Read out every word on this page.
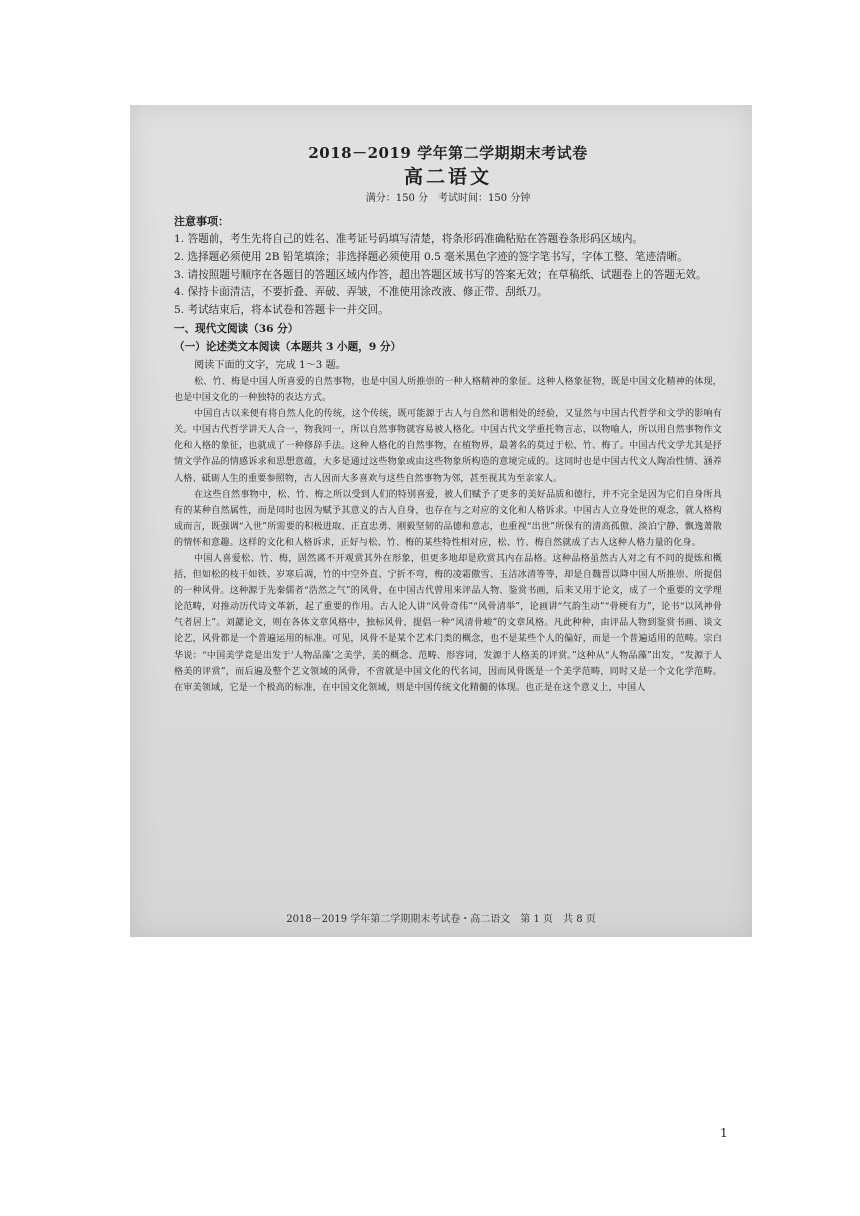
2018－2019 学年第二学期期末考试卷
高二语文
满分：150 分　考试时间：150 分钟
注意事项：

1. 答题前，考生先将自己的姓名、准考证号码填写清楚，将条形码准确粘贴在答题卷条形码区域内。

2. 选择题必须使用 2B 铅笔填涂；非选择题必须使用 0.5 毫米黑色字迹的签字笔书写，字体工整、笔迹清晰。

3. 请按照题号顺序在各题目的答题区域内作答，超出答题区域书写的答案无效；在草稿纸、试题卷上的答题无效。

4. 保持卡面清洁，不要折叠、弄破、弄皱，不准使用涂改液、修正带、刮纸刀。

5. 考试结束后，将本试卷和答题卡一并交回。

一、现代文阅读（36 分）
（一）论述类文本阅读（本题共 3 小题，9 分）

阅读下面的文字，完成 1～3 题。

松、竹、梅是中国人所喜爱的自然事物，也是中国人所推崇的一种人格精神的象征。这种人格象征物，既是中国文化精神的体现，也是中国文化的一种独特的表达方式。

中国自古以来便有将自然人化的传统，这个传统，既可能源于古人与自然和谐相处的经验，又显然与中国古代哲学和文学的影响有关。中国古代哲学讲天人合一，物我同一，所以自然事物就容易被人格化。中国古代文学重托物言志，以物喻人，所以用自然事物作文化和人格的象征，也就成了一种修辞手法。这种人格化的自然事物，在植物界，最著名的莫过于松、竹、梅了。中国古代文学尤其是抒情文学作品的情感诉求和思想意蕴，大多是通过这些物象或由这些物象所构造的意境完成的。这同时也是中国古代文人陶冶性情、涵养人格、砥砺人生的重要参照物，古人因而大多喜欢与这些自然事物为邻，甚至视其为至亲家人。

在这些自然事物中，松、竹、梅之所以受到人们的特别喜爱，被人们赋予了更多的美好品质和德行，并不完全是因为它们自身所具有的某种自然属性，而是同时也因为赋予其意义的古人自身，也存在与之对应的文化和人格诉求。中国古人立身处世的观念，就人格构成而言，既强调“入世”所需要的积极进取、正直忠勇、刚毅坚韧的品德和意志，也重视“出世”所保有的清高孤傲、淡泊宁静、飘逸萧散的情怀和意趣。这样的文化和人格诉求，正好与松、竹、梅的某些特性相对应，松、竹、梅自然就成了古人这种人格力量的化身。

中国人喜爱松、竹、梅，固然离不开观赏其外在形象，但更多地却是欣赏其内在品格。这种品格虽然古人对之有不同的提炼和概括，但如松的枝干如铁、岁寒后凋，竹的中空外直、宁折不弯，梅的凌霜傲雪、玉洁冰清等等，却是自魏晋以降中国人所推崇、所提倡的一种风骨。这种源于先秦儒者“浩然之气”的风骨，在中国古代曾用来评品人物、鉴赏书画，后来又用于论文，成了一个重要的文学理论范畴，对推动历代诗文革新，起了重要的作用。古人论人讲“风骨奇伟”“风骨清举”，论画讲“气韵生动”“骨梗有力”，论书“以风神骨气者居上”。刘勰论文，则在各体文章风格中，独标风骨，提倡一种“风清骨峻”的文章风格。凡此种种，由评品人物到鉴赏书画、谈文论艺，风骨都是一个普遍运用的标准。可见，风骨不是某个艺术门类的概念，也不是某些个人的偏好，而是一个普遍适用的范畴。宗白华说：“中国美学竟是出发于‘人物品藻’之美学，美的概念、范畴、形容词，发源于人格美的评赏。”这种从“人物品藻”出发，“发源于人格美的评赏”，而后遍及整个艺文领域的风骨，不啻就是中国文化的代名词，因而风骨既是一个美学范畴，同时又是一个文化学范畴。在审美领域，它是一个极高的标准，在中国文化领域，则是中国传统文化精髓的体现。也正是在这个意义上，中国人

2018－2019 学年第二学期期末考试卷・高二语文　第 1 页　共 8 页
1
